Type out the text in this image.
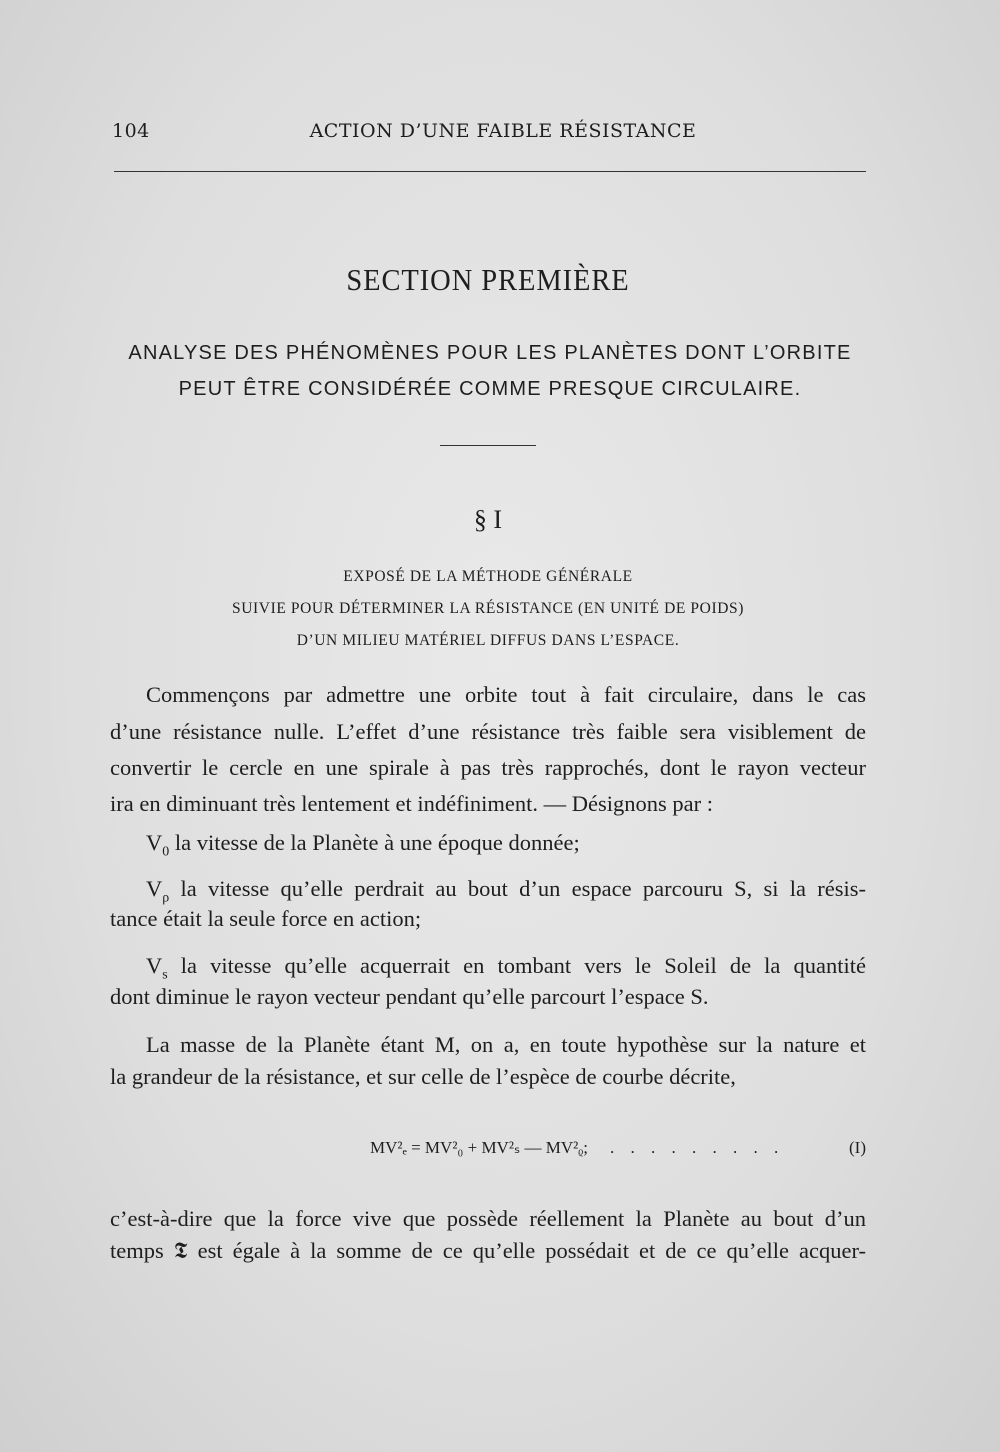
104	ACTION D’UNE FAIBLE RÉSISTANCE
SECTION PREMIÈRE
ANALYSE DES PHÉNOMÈNES POUR LES PLANÈTES DONT L’ORBITE
PEUT ÊTRE CONSIDÉRÉE COMME PRESQUE CIRCULAIRE.
§ I
EXPOSÉ DE LA MÉTHODE GÉNÉRALE
SUIVIE POUR DÉTERMINER LA RÉSISTANCE (EN UNITÉ DE POIDS)
D’UN MILIEU MATÉRIEL DIFFUS DANS L’ESPACE.
Commençons par admettre une orbite tout à fait circulaire, dans le cas
d’une résistance nulle. L’effet d’une résistance très faible sera visiblement de
convertir le cercle en une spirale à pas très rapprochés, dont le rayon vecteur
ira en diminuant très lentement et indéfiniment. — Désignons par :
$V_0$ la vitesse de la Planète à une époque donnée;
$V_\rho$ la vitesse qu’elle perdrait au bout d’un espace parcouru S, si la résis-
tance était la seule force en action;
$V_s$ la vitesse qu’elle acquerrait en tombant vers le Soleil de la quantité
dont diminue le rayon vecteur pendant qu’elle parcourt l’espace S.
La masse de la Planète étant M, on a, en toute hypothèse sur la nature et
la grandeur de la résistance, et sur celle de l’espèce de courbe décrite,
MV²ₑ = MV²₀ + MV²ₛ — MV²ᵨ; . . . . . . . . .	(I)
c’est-à-dire que la force vive que possède réellement la Planète au bout d’un
temps 𝕿 est égale à la somme de ce qu’elle possédait et de ce qu’elle acquer-
